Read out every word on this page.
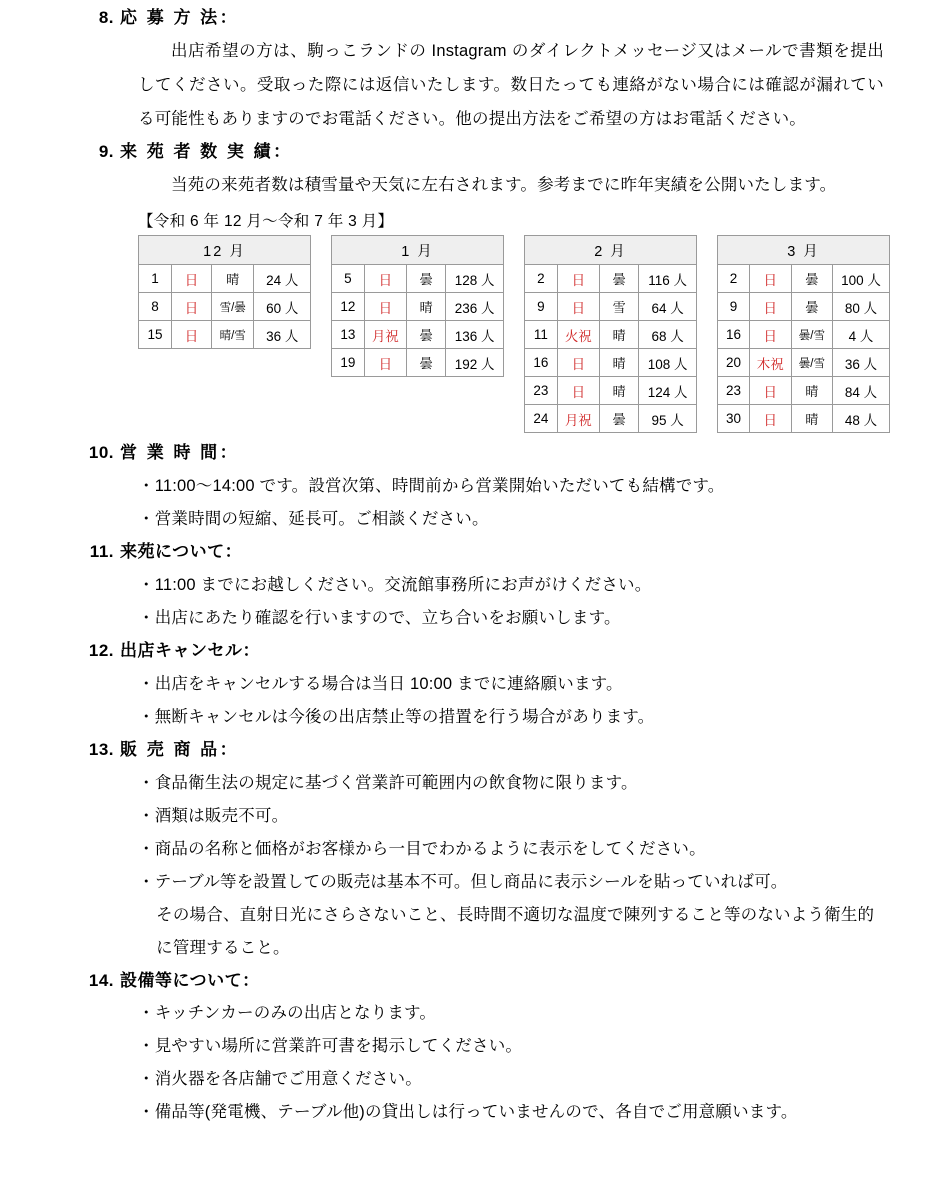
8. 応 募 方 法 ：
出店希望の方は、駒っこランドの Instagram のダイレクトメッセージ又はメールで書類を提出してください。受取った際には返信いたします。数日たっても連絡がない場合には確認が漏れている可能性もありますのでお電話ください。他の提出方法をご希望の方はお電話ください。
9. 来 苑 者 数 実 績 ：
当苑の来苑者数は積雪量や天気に左右されます。参考までに昨年実績を公開いたします。
【令和 6 年 12 月～令和 7 年 3 月】
12 月			
1	日	晴	24 人
8	日	雪/曇	60 人
15	日	晴/雪	36 人
1 月			
5	日	曇	128 人
12	日	晴	236 人
13	月祝	曇	136 人
19	日	曇	192 人
2 月			
2	日	曇	116 人
9	日	雪	64 人
11	火祝	晴	68 人
16	日	晴	108 人
23	日	晴	124 人
24	月祝	曇	95 人
3 月			
2	日	曇	100 人
9	日	曇	80 人
16	日	曇/雪	4 人
20	木祝	曇/雪	36 人
23	日	晴	84 人
30	日	晴	48 人
10. 営 業 時 間 ：
・11:00～14:00 です。設営次第、時間前から営業開始いただいても結構です。
・営業時間の短縮、延長可。ご相談ください。
11. 来苑について ：
・11:00 までにお越しください。交流館事務所にお声がけください。
・出店にあたり確認を行いますので、立ち合いをお願いします。
12. 出店キャンセル ：
・出店をキャンセルする場合は当日 10:00 までに連絡願います。
・無断キャンセルは今後の出店禁止等の措置を行う場合があります。
13. 販 売 商 品 ：
・食品衛生法の規定に基づく営業許可範囲内の飲食物に限ります。
・酒類は販売不可。
・商品の名称と価格がお客様から一目でわかるように表示をしてください。
・テーブル等を設置しての販売は基本不可。但し商品に表示シールを貼っていれば可。
その場合、直射日光にさらさないこと、長時間不適切な温度で陳列すること等のないよう衛生的に管理すること。
14. 設備等について ：
・キッチンカーのみの出店となります。
・見やすい場所に営業許可書を掲示してください。
・消火器を各店舗でご用意ください。
・備品等(発電機、テーブル他)の貸出しは行っていませんので、各自でご用意願います。
